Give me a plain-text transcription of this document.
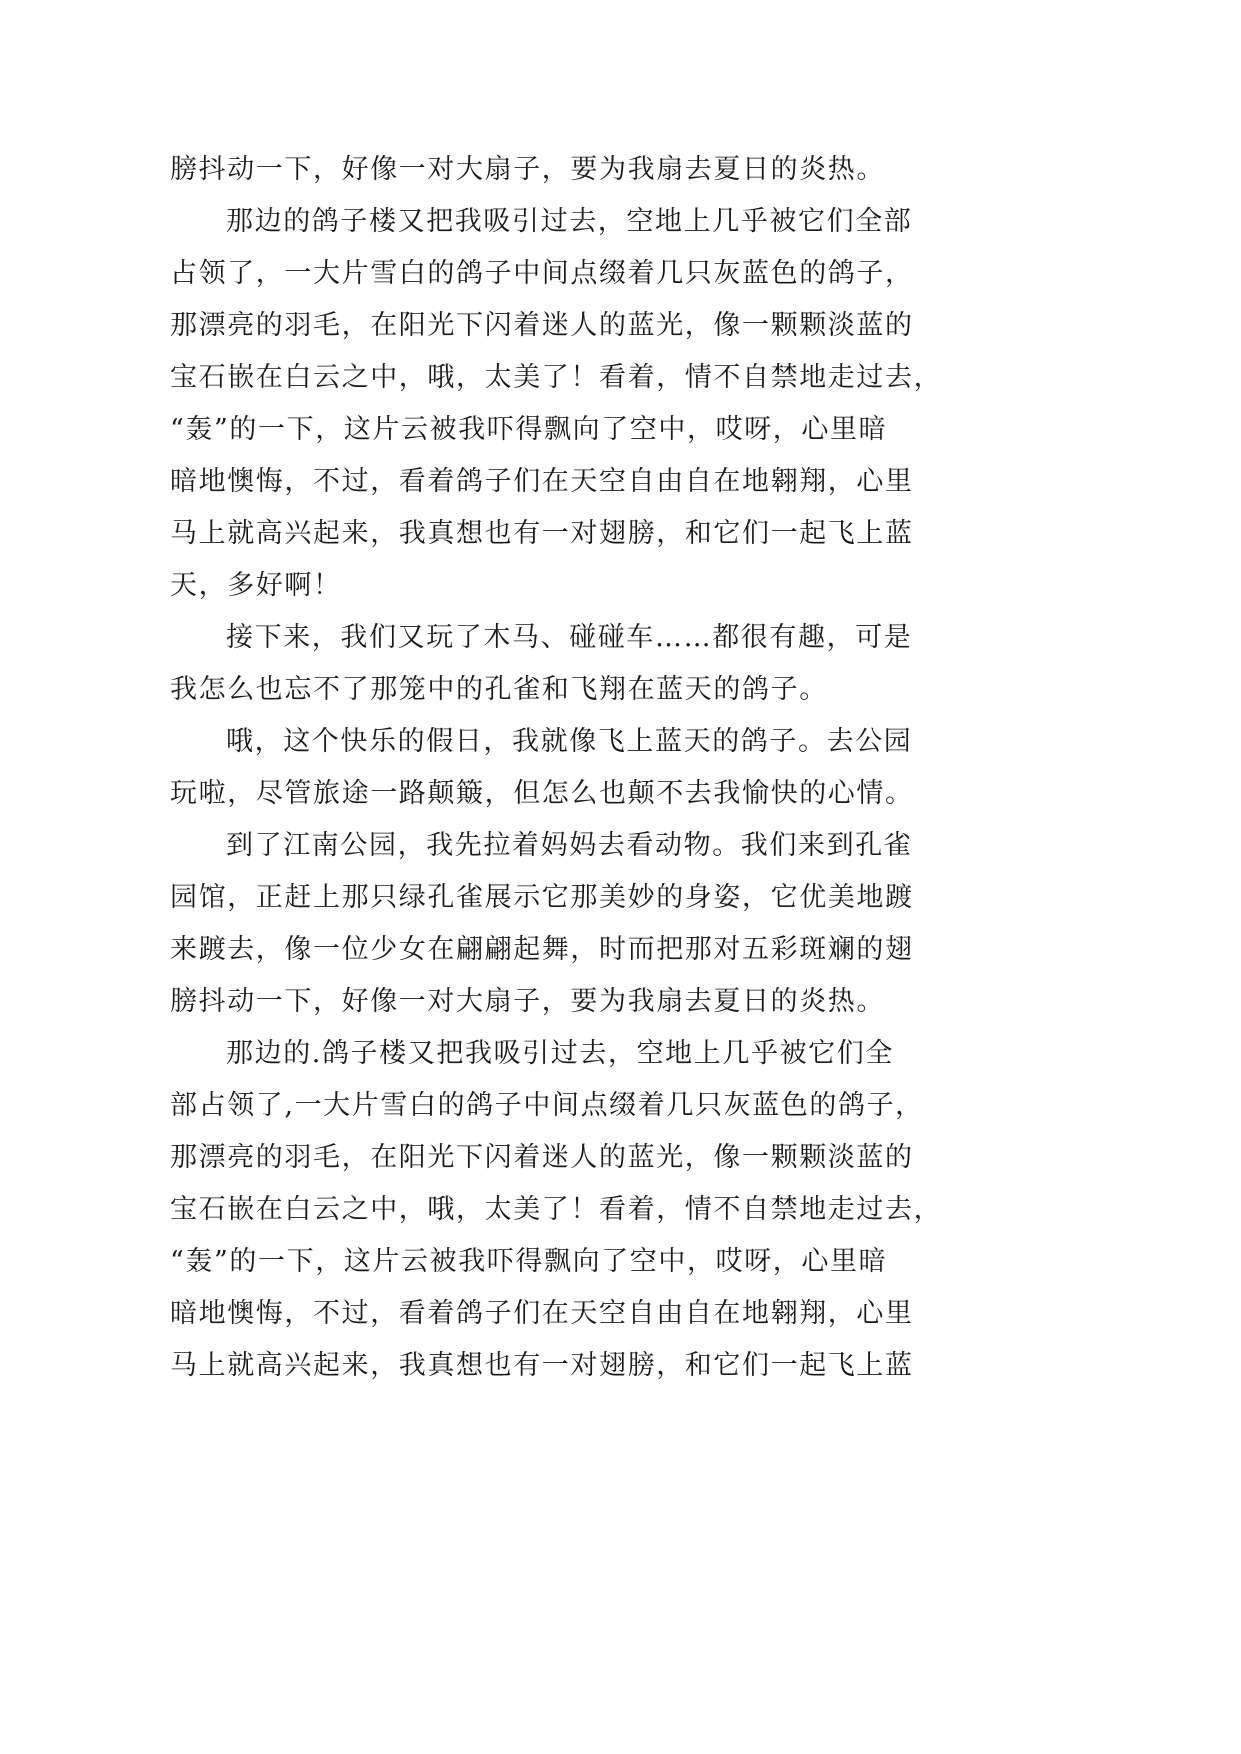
膀抖动一下，好像一对大扇子，要为我扇去夏日的炎热。
那边的鸽子楼又把我吸引过去，空地上几乎被它们全部
占领了，一大片雪白的鸽子中间点缀着几只灰蓝色的鸽子，
那漂亮的羽毛，在阳光下闪着迷人的蓝光，像一颗颗淡蓝的
宝石嵌在白云之中，哦，太美了！看着，情不自禁地走过去，
“轰”的一下，这片云被我吓得飘向了空中，哎呀，心里暗
暗地懊悔，不过，看着鸽子们在天空自由自在地翱翔，心里
马上就高兴起来，我真想也有一对翅膀，和它们一起飞上蓝
天，多好啊！
接下来，我们又玩了木马、碰碰车……都很有趣，可是
我怎么也忘不了那笼中的孔雀和飞翔在蓝天的鸽子。
哦，这个快乐的假日，我就像飞上蓝天的鸽子。去公园
玩啦，尽管旅途一路颠簸，但怎么也颠不去我愉快的心情。
到了江南公园，我先拉着妈妈去看动物。我们来到孔雀
园馆，正赶上那只绿孔雀展示它那美妙的身姿，它优美地踱
来踱去，像一位少女在翩翩起舞，时而把那对五彩斑斓的翅
膀抖动一下，好像一对大扇子，要为我扇去夏日的炎热。
那边的.鸽子楼又把我吸引过去，空地上几乎被它们全
部占领了,一大片雪白的鸽子中间点缀着几只灰蓝色的鸽子，
那漂亮的羽毛，在阳光下闪着迷人的蓝光，像一颗颗淡蓝的
宝石嵌在白云之中，哦，太美了！看着，情不自禁地走过去，
“轰”的一下，这片云被我吓得飘向了空中，哎呀，心里暗
暗地懊悔，不过，看着鸽子们在天空自由自在地翱翔，心里
马上就高兴起来，我真想也有一对翅膀，和它们一起飞上蓝
